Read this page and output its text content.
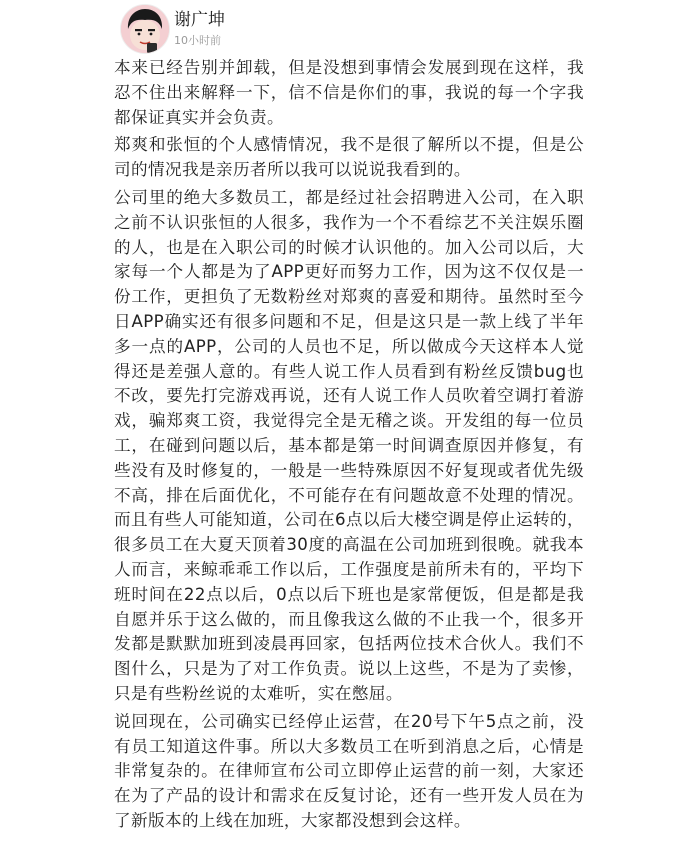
谢广坤
10小时前

本来已经告别并卸载，但是没想到事情会发展到现在这样，我忍不住出来解释一下，信不信是你们的事，我说的每一个字我都保证真实并会负责。

郑爽和张恒的个人感情情况，我不是很了解所以不提，但是公司的情况我是亲历者所以我可以说说我看到的。

公司里的绝大多数员工，都是经过社会招聘进入公司，在入职之前不认识张恒的人很多，我作为一个不看综艺不关注娱乐圈的人，也是在入职公司的时候才认识他的。加入公司以后，大家每一个人都是为了APP更好而努力工作，因为这不仅仅是一份工作，更担负了无数粉丝对郑爽的喜爱和期待。虽然时至今日APP确实还有很多问题和不足，但是这只是一款上线了半年多一点的APP，公司的人员也不足，所以做成今天这样本人觉得还是差强人意的。有些人说工作人员看到有粉丝反馈bug也不改，要先打完游戏再说，还有人说工作人员吹着空调打着游戏，骗郑爽工资，我觉得完全是无稽之谈。开发组的每一位员工，在碰到问题以后，基本都是第一时间调查原因并修复，有些没有及时修复的，一般是一些特殊原因不好复现或者优先级不高，排在后面优化，不可能存在有问题故意不处理的情况。而且有些人可能知道，公司在6点以后大楼空调是停止运转的，很多员工在大夏天顶着30度的高温在公司加班到很晚。就我本人而言，来鲸乖乖工作以后，工作强度是前所未有的，平均下班时间在22点以后，0点以后下班也是家常便饭，但是都是我自愿并乐于这么做的，而且像我这么做的不止我一个，很多开发都是默默加班到凌晨再回家，包括两位技术合伙人。我们不图什么，只是为了对工作负责。说以上这些，不是为了卖惨，只是有些粉丝说的太难听，实在憋屈。

说回现在，公司确实已经停止运营，在20号下午5点之前，没有员工知道这件事。所以大多数员工在听到消息之后，心情是非常复杂的。在律师宣布公司立即停止运营的前一刻，大家还在为了产品的设计和需求在反复讨论，还有一些开发人员在为了新版本的上线在加班，大家都没想到会这样。
